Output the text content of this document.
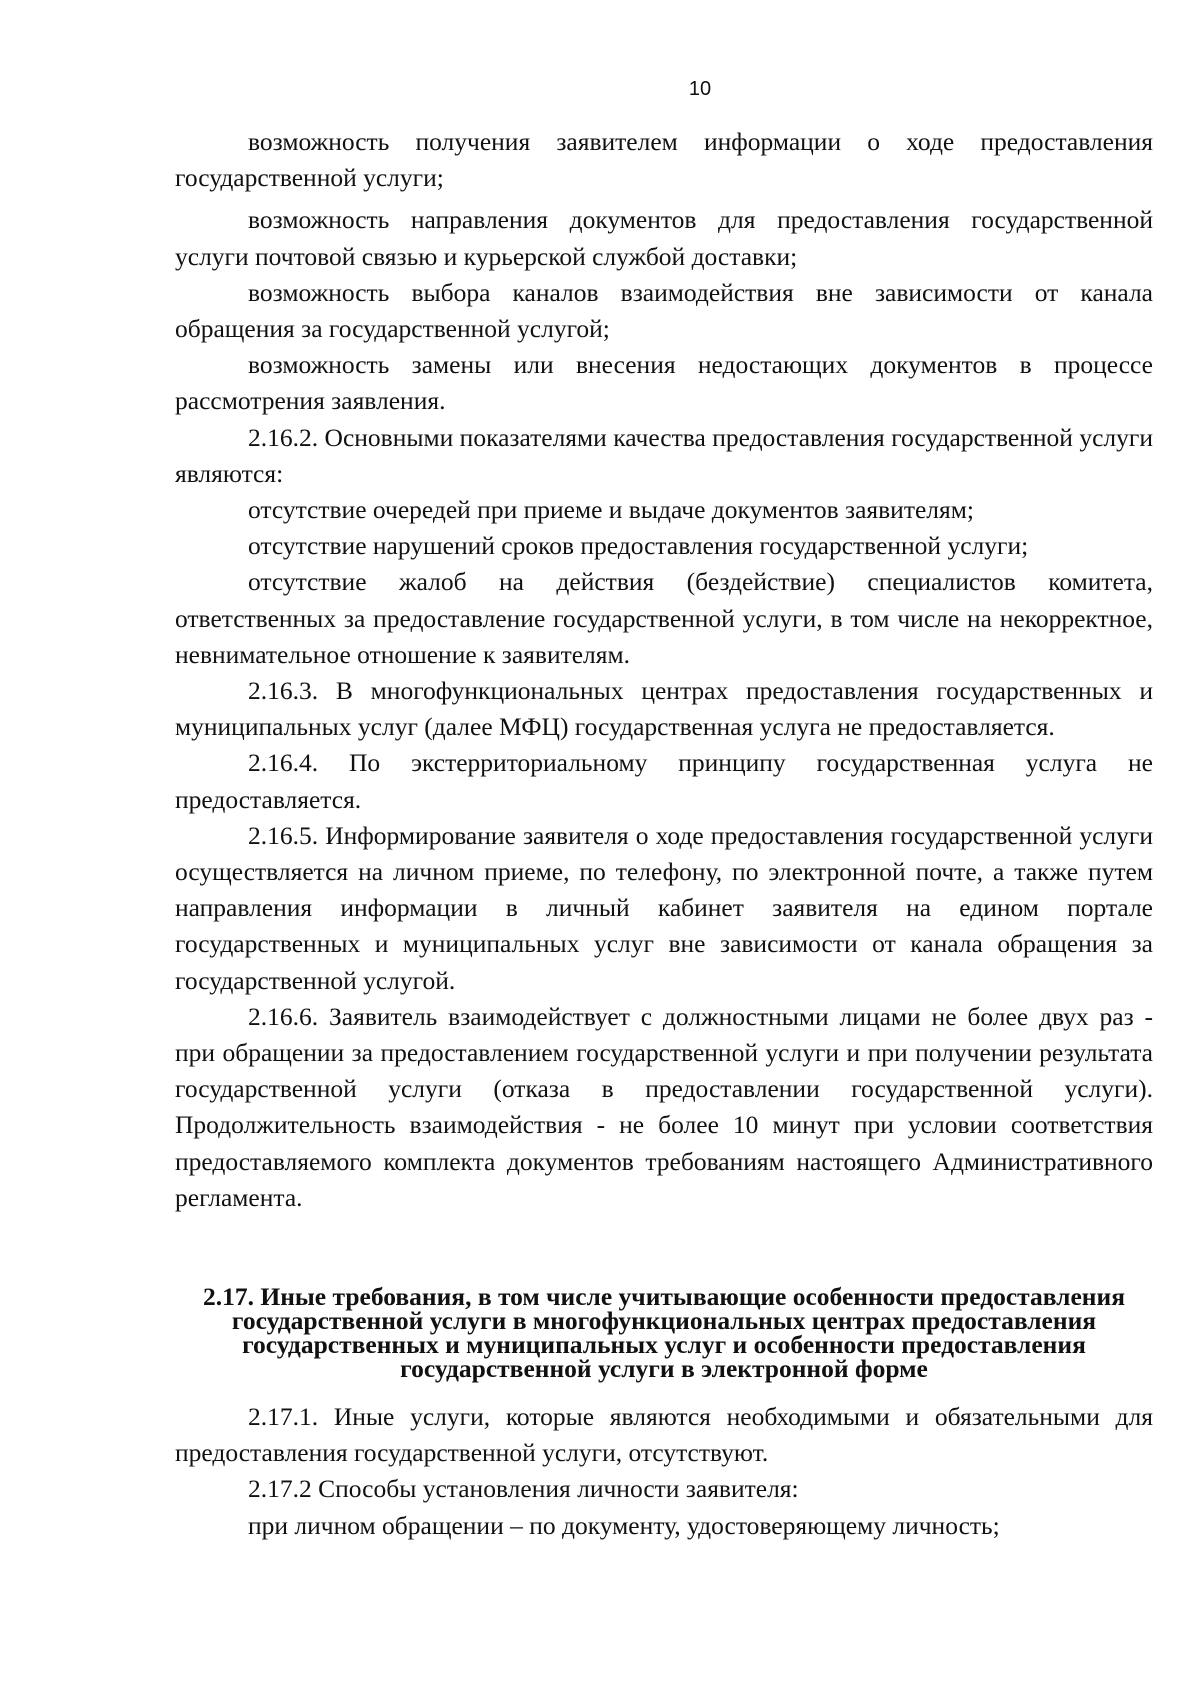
10

возможность получения заявителем информации о ходе предоставления государственной услуги;

возможность направления документов для предоставления государственной услуги почтовой связью и курьерской службой доставки;

возможность выбора каналов взаимодействия вне зависимости от канала обращения за государственной услугой;

возможность замены или внесения недостающих документов в процессе рассмотрения заявления.

2.16.2. Основными показателями качества предоставления государственной услуги являются:

отсутствие очередей при приеме и выдаче документов заявителям;

отсутствие нарушений сроков предоставления государственной услуги;

отсутствие жалоб на действия (бездействие) специалистов комитета, ответственных за предоставление государственной услуги, в том числе на некорректное, невнимательное отношение к заявителям.

2.16.3. В многофункциональных центрах предоставления государственных и муниципальных услуг (далее МФЦ) государственная услуга не предоставляется.

2.16.4. По экстерриториальному принципу государственная услуга не предоставляется.

2.16.5. Информирование заявителя о ходе предоставления государственной услуги осуществляется на личном приеме, по телефону, по электронной почте, а также путем направления информации в личный кабинет заявителя на едином портале государственных и муниципальных услуг вне зависимости от канала обращения за государственной услугой.

2.16.6. Заявитель взаимодействует с должностными лицами не более двух раз - при обращении за предоставлением государственной услуги и при получении результата государственной услуги (отказа в предоставлении государственной услуги). Продолжительность взаимодействия - не более 10 минут при условии соответствия предоставляемого комплекта документов требованиям настоящего Административного регламента.

2.17. Иные требования, в том числе учитывающие особенности предоставления государственной услуги в многофункциональных центрах предоставления государственных и муниципальных услуг и особенности предоставления государственной услуги в электронной форме

2.17.1. Иные услуги, которые являются необходимыми и обязательными для предоставления государственной услуги, отсутствуют.

2.17.2 Способы установления личности заявителя:

при личном обращении – по документу, удостоверяющему личность;
